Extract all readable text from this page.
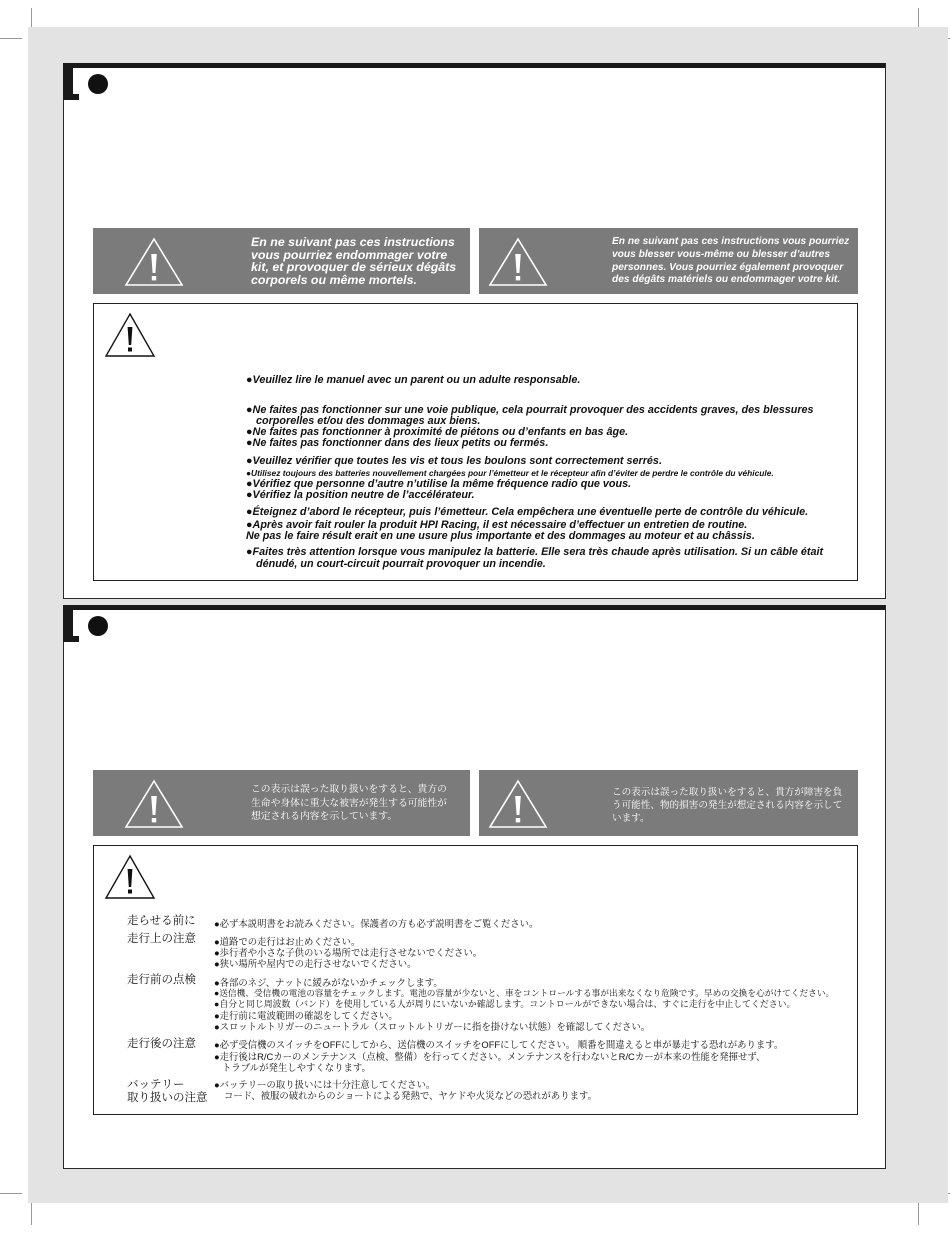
En ne suivant pas ces instructions
vous pourriez endommager votre
kit, et provoquer de sérieux dégâts
corporels ou même mortels.
En ne suivant pas ces instructions vous pourriez
vous blesser vous-même ou blesser d’autres
personnes. Vous pourriez également provoquer
des dégâts matériels ou endommager votre kit.
●Veuillez lire le manuel avec un parent ou un adulte responsable.
●Ne faites pas fonctionner sur une voie publique, cela pourrait provoquer des accidents graves, des blessures
corporelles et/ou des dommages aux biens.
●Ne faites pas fonctionner à proximité de piétons ou d’enfants en bas âge.
●Ne faites pas fonctionner dans des lieux petits ou fermés.
●Veuillez vérifier que toutes les vis et tous les boulons sont correctement serrés.
●Utilisez toujours des batteries nouvellement chargées pour l’émetteur et le récepteur afin d’éviter de perdre le contrôle du véhicule.
●Vérifiez que personne d’autre n’utilise la même fréquence radio que vous.
●Vérifiez la position neutre de l’accélérateur.
●Éteignez d’abord le récepteur, puis l’émetteur. Cela empêchera une éventuelle perte de contrôle du véhicule.
●Après avoir fait rouler la produit HPI Racing, il est nécessaire d’effectuer un entretien de routine.
Ne pas le faire résult erait en une usure plus importante et des dommages au moteur et au châssis.
●Faites très attention lorsque vous manipulez la batterie. Elle sera très chaude après utilisation. Si un câble était
dénudé, un court-circuit pourrait provoquer un incendie.
この表示は誤った取り扱いをすると、貴方の
生命や身体に重大な被害が発生する可能性が
想定される内容を示しています。
この表示は誤った取り扱いをすると、貴方が障害を負
う可能性、物的損害の発生が想定される内容を示して
います。
走らせる前に
走行上の注意
走行前の点検
走行後の注意
バッテリー
取り扱いの注意
●必ず本説明書をお読みください。保護者の方も必ず説明書をご覧ください。
●道路での走行はお止めください。
●歩行者や小さな子供のいる場所では走行させないでください。
●狭い場所や屋内での走行させないでください。
●各部のネジ、ナットに緩みがないかチェックします。
●送信機、受信機の電池の容量をチェックします。電池の容量が少ないと、車をコントロールする事が出来なくなり危険です。早めの交換を心がけてください。
●自分と同じ周波数（バンド）を使用している人が周りにいないか確認します。コントロールができない場合は、すぐに走行を中止してください。
●走行前に電波範囲の確認をしてください。
●スロットルトリガーのニュートラル（スロットルトリガーに指を掛けない状態）を確認してください。
●必ず受信機のスイッチをOFFにしてから、送信機のスイッチをOFFにしてください。 順番を間違えると車が暴走する恐れがあります。
●走行後はR/Cカーのメンテナンス（点検、整備）を行ってください。メンテナンスを行わないとR/Cカーが本来の性能を発揮せず、
トラブルが発生しやすくなります。
●バッテリーの取り扱いには十分注意してください。
コード、被服の破れからのショートによる発熱で、ヤケドや火災などの恐れがあります。
